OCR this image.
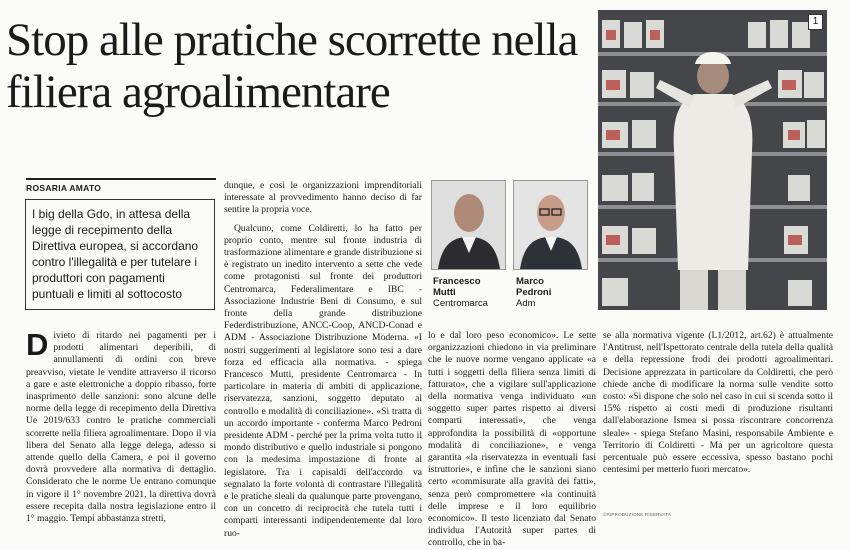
Stop alle pratiche scorrette nella filiera agroalimentare
ROSARIA AMATO
I big della Gdo, in attesa della legge di recepimento della Direttiva europea, si accordano contro l'illegalità e per tutelare i produttori con pagamenti puntuali e limiti al sottocosto
D ivieto di ritardo nei pagamenti per i prodotti alimentari deperibili, di annullamenti di ordini con breve preavviso, vietate le vendite attraverso il ricorso a gare e aste elettroniche a doppio ribasso, forte inasprimento delle sanzioni: sono alcune delle norme della legge di recepimento della Direttiva Ue 2019/633 contro le pratiche commerciali scorrette nella filiera agroalimentare. Dopo il via libera del Senato alla legge delega, adesso si attende quello della Camera, e poi il governo dovrà provvedere alla normativa di dettaglio. Considerato che le norme Ue entrano comunque in vigore il 1° novembre 2021, la direttiva dovrà essere recepita dalla nostra legislazione entro il 1° maggio. Tempi abbastanza stretti,
dunque, e così le organizzazioni imprenditoriali interessate al provvedimento hanno deciso di far sentire la propria voce.
Qualcuno, come Coldiretti, lo ha fatto per proprio conto, mentre sul fronte industria di trasformazione alimentare e grande distribuzione si è registrato un inedito intervento a sette che vede come protagonisti sul fronte dei produttori Centromarca, Federalimentare e IBC - Associazione Industrie Beni di Consumo, e sul fronte della grande distribuzione Federdistribuzione, ANCC-Coop, ANCD-Conad e ADM - Associazione Distribuzione Moderna. «I nostri suggerimenti al legislatore sono tesi a dare forza ed efficacia alla normativa. - spiega Francesco Mutti, presidente Centromarca - In particolare in materia di ambiti di applicazione, riservatezza, sanzioni, soggetto deputato al controllo e modalità di conciliazione». «Si tratta di un accordo importante - conferma Marco Pedroni presidente ADM - perché per la prima volta tutto il mondo distributivo e quello industriale si pongono con la medesima impostazione di fronte al legislatore. Tra i capisaldi dell'accordo va segnalato la forte volontà di contrastare l'illegalità e le pratiche sleali da qualunque parte provengano, con un concetto di reciprocità che tutela tutti i comparti interessanti indipendentemente dal loro ruo-
lo e dal loro peso economico». Le sette organizzazioni chiedono in via preliminare che le nuove norme vengano applicate «a tutti i soggetti della filiera senza limiti di fatturato», che a vigilare sull'applicazione della normativa venga individuato «un soggetto super partes rispetto ai diversi comparti interessati», che venga approfondita la possibilità di «opportune modalità di conciliazione», e venga garantita «la riservatezza in eventuali fasi istruttorie», e infine che le sanzioni siano certo «commisurate alla gravità dei fatti», senza però compromettere «la continuità delle imprese e il loro equilibrio economico». Il testo licenziato dal Senato individua l'Autorità super partes di controllo, che in ba-
se alla normativa vigente (L1/2012, art.62) è attualmente l'Antitrust, nell'Ispettorato centrale della tutela della qualità e della repressione frodi dei prodotti agroalimentari. Decisione apprezzata in particolare da Coldiretti, che però chiede anche di modificare la norma sulle vendite sotto costo: «Si dispone che solo nel caso in cui si scenda sotto il 15% rispetto ai costi medi di produzione risultanti dall'elaborazione Ismea si possa riscontrare concorrenza sleale» - spiega Stefano Masini, responsabile Ambiente e Territorio di Coldiretti - Ma per un agricoltore questa percentuale può essere eccessiva, spesso bastano pochi centesimi per metterlo fuori mercato».
Francesco
Mutti
Centromarca
Marco
Pedroni
Adm
1
©RIPRODUZIONE RISERVATA
